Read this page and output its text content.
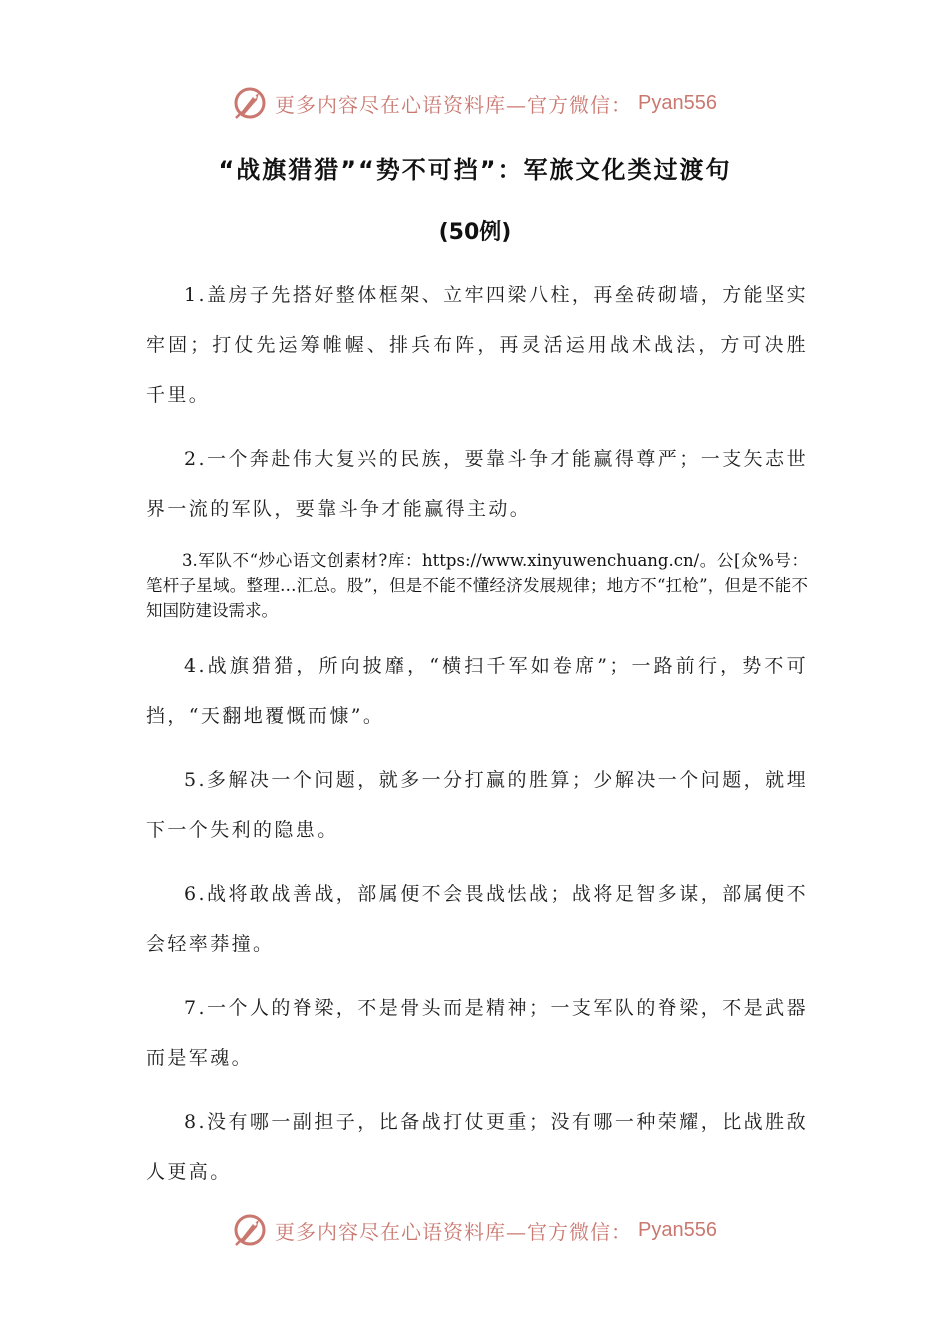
更多内容尽在心语资料库—官方微信： Pyan556
“战旗猎猎”“势不可挡”：军旅文化类过渡句
(50例)

1.盖房子先搭好整体框架、立牢四梁八柱，再垒砖砌墙，方能坚实牢固；打仗先运筹帷幄、排兵布阵，再灵活运用战术战法，方可决胜千里。

2.一个奔赴伟大复兴的民族，要靠斗争才能赢得尊严；一支矢志世界一流的军队，要靠斗争才能赢得主动。

3.军队不“炒心语文创素材?库：https://www.xinyuwenchuang.cn/。公[众%号：笔杆子星域。整理…汇总。股”，但是不能不懂经济发展规律；地方不“扛枪”，但是不能不知国防建设需求。

4.战旗猎猎，所向披靡，“横扫千军如卷席”；一路前行，势不可挡，“天翻地覆慨而慷”。

5.多解决一个问题，就多一分打赢的胜算；少解决一个问题，就埋下一个失利的隐患。

6.战将敢战善战，部属便不会畏战怯战；战将足智多谋，部属便不会轻率莽撞。

7.一个人的脊梁，不是骨头而是精神；一支军队的脊梁，不是武器而是军魂。

8.没有哪一副担子，比备战打仗更重；没有哪一种荣耀，比战胜敌人更高。

更多内容尽在心语资料库—官方微信： Pyan556
